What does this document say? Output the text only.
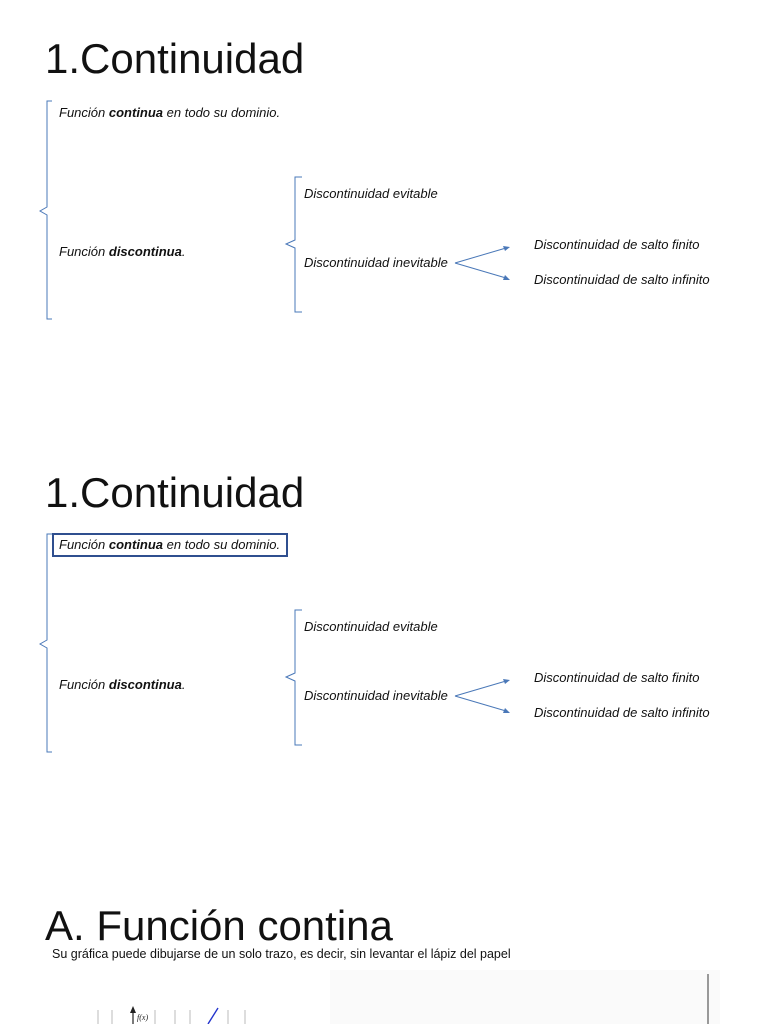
1.Continuidad
Función continua en todo su dominio.
Función discontinua.
Discontinuidad evitable
Discontinuidad inevitable
Discontinuidad de salto finito
Discontinuidad de salto infinito
1.Continuidad
Función continua en todo su dominio.
Función discontinua.
Discontinuidad evitable
Discontinuidad inevitable
Discontinuidad de salto finito
Discontinuidad de salto infinito
A. Función contina
Su gráfica puede dibujarse de un solo trazo, es decir, sin levantar el lápiz del papel
f(x)
